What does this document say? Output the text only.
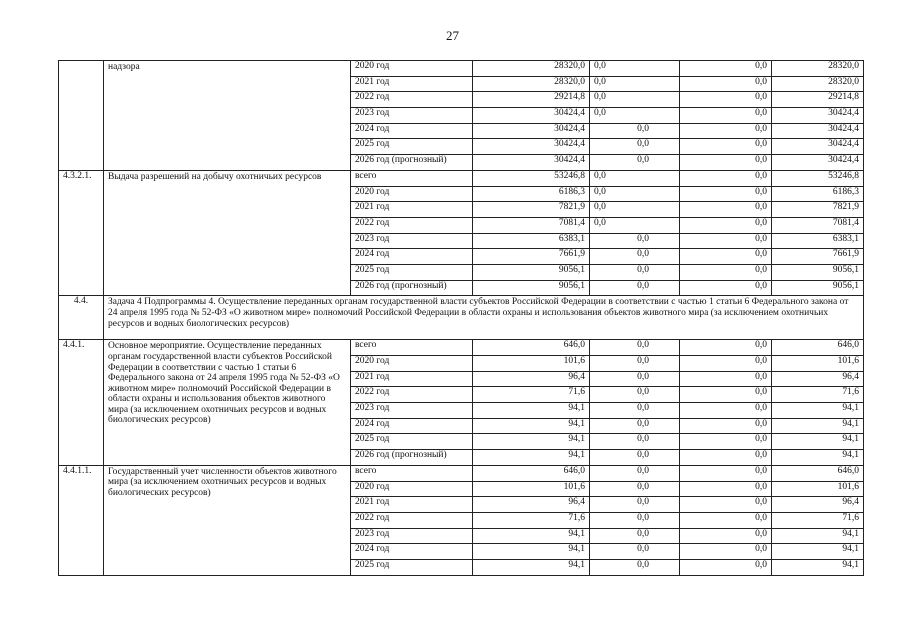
27
	надзора	2020 год	28320,0	0,0	0,0	28320,0
		2021 год	28320,0	0,0	0,0	28320,0
		2022 год	29214,8	0,0	0,0	29214,8
		2023 год	30424,4	0,0	0,0	30424,4
		2024 год	30424,4	0,0	0,0	30424,4
		2025 год	30424,4	0,0	0,0	30424,4
		2026 год (прогнозный)	30424,4	0,0	0,0	30424,4
4.3.2.1.	Выдача разрешений на добычу охотничьих ресурсов	всего	53246,8	0,0	0,0	53246,8
		2020 год	6186,3	0,0	0,0	6186,3
		2021 год	7821,9	0,0	0,0	7821,9
		2022 год	7081,4	0,0	0,0	7081,4
		2023 год	6383,1	0,0	0,0	6383,1
		2024 год	7661,9	0,0	0,0	7661,9
		2025 год	9056,1	0,0	0,0	9056,1
		2026 год (прогнозный)	9056,1	0,0	0,0	9056,1
4.4.	Задача 4 Подпрограммы 4. Осуществление переданных органам государственной власти субъектов Российской Федерации в соответствии с частью 1 статьи 6 Федерального закона от 24 апреля 1995 года № 52-ФЗ «О животном мире» полномочий Российской Федерации в области охраны и использования объектов животного мира (за исключением охотничьих ресурсов и водных биологических ресурсов)					
4.4.1.	Основное мероприятие. Осуществление переданных органам государственной власти субъектов Российской Федерации в соответствии с частью 1 статьи 6 Федерального закона от 24 апреля 1995 года № 52-ФЗ «О животном мире» полномочий Российской Федерации в области охраны и использования объектов животного мира (за исключением охотничьих ресурсов и водных биологических ресурсов)	всего	646,0	0,0	0,0	646,0
		2020 год	101,6	0,0	0,0	101,6
		2021 год	96,4	0,0	0,0	96,4
		2022 год	71,6	0,0	0,0	71,6
		2023 год	94,1	0,0	0,0	94,1
		2024 год	94,1	0,0	0,0	94,1
		2025 год	94,1	0,0	0,0	94,1
		2026 год (прогнозный)	94,1	0,0	0,0	94,1
4.4.1.1.	Государственный учет численности объектов животного мира (за исключением охотничьих ресурсов и водных биологических ресурсов)	всего	646,0	0,0	0,0	646,0
		2020 год	101,6	0,0	0,0	101,6
		2021 год	96,4	0,0	0,0	96,4
		2022 год	71,6	0,0	0,0	71,6
		2023 год	94,1	0,0	0,0	94,1
		2024 год	94,1	0,0	0,0	94,1
		2025 год	94,1	0,0	0,0	94,1
